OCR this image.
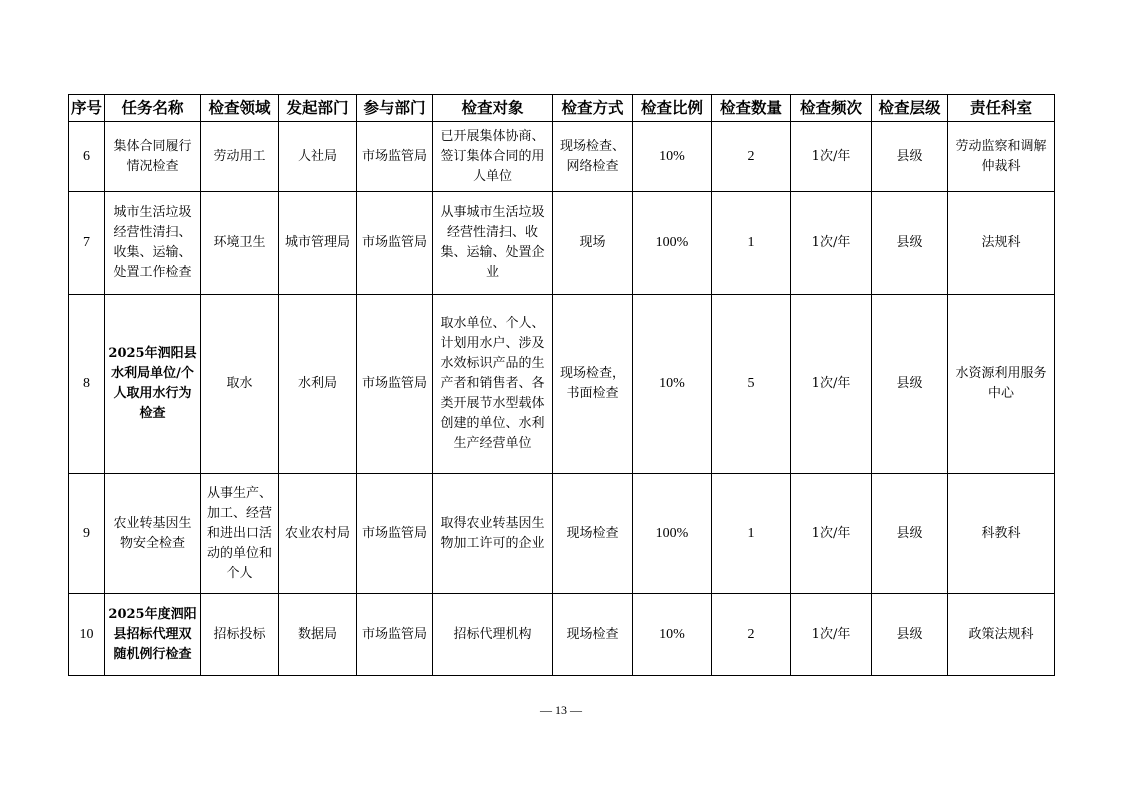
序号	任务名称	检查领域	发起部门	参与部门	检查对象	检查方式	检查比例	检查数量	检查频次	检查层级	责任科室
6	集体合同履行情况检查	劳动用工	人社局	市场监管局	已开展集体协商、签订集体合同的用人单位	现场检查、网络检查	10%	2	1次/年	县级	劳动监察和调解仲裁科
7	城市生活垃圾经营性清扫、收集、运输、处置工作检查	环境卫生	城市管理局	市场监管局	从事城市生活垃圾经营性清扫、收集、运输、处置企业	现场	100%	1	1次/年	县级	法规科
8	2025年泗阳县水利局单位/个人取用水行为检查	取水	水利局	市场监管局	取水单位、个人、计划用水户、涉及水效标识产品的生产者和销售者、各类开展节水型载体创建的单位、水利生产经营单位	现场检查，书面检查	10%	5	1次/年	县级	水资源利用服务中心
9	农业转基因生物安全检查	从事生产、加工、经营和进出口活动的单位和个人	农业农村局	市场监管局	取得农业转基因生物加工许可的企业	现场检查	100%	1	1次/年	县级	科教科
10	2025年度泗阳县招标代理双随机例行检查	招标投标	数据局	市场监管局	招标代理机构	现场检查	10%	2	1次/年	县级	政策法规科
— 13 —
